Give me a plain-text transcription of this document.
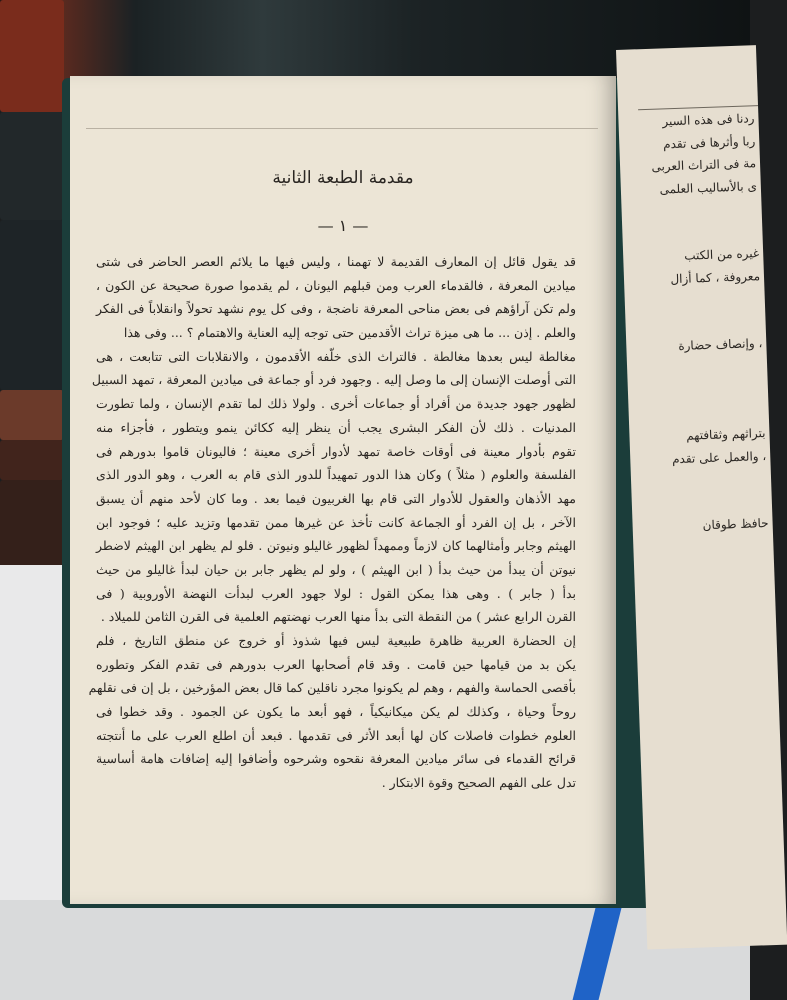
ردنا فى هذه السير
ربا وأثرها فى تقدم
مة فى التراث العربى
ى بالأساليب العلمى
غيره من الكتب
معروفة ، كما أزال
، وإنصاف حضارة
بتراثهم وثقافتهم
، والعمل على تقدم
حافظ طوقان
مقدمة الطبعة الثانية
— ١ —
قد يقول قائل إن المعارف القديمة لا تهمنا ، وليس فيها ما يلائم العصر الحاضر فى شتى
ميادين المعرفة ، فالقدماء العرب ومن قبلهم اليونان ، لم يقدموا صورة صحيحة عن الكون ،
ولم تكن آراؤهم فى بعض مناحى المعرفة ناضجة ، وفى كل يوم نشهد تحولاً وانقلاباً فى الفكر
والعلم . إذن ... ما هى ميزة تراث الأقدمين حتى توجه إليه العناية والاهتمام ؟ ... وفى هذا
مغالطة ليس بعدها مغالطة . فالتراث الذى خلّفه الأقدمون ، والانقلابات التى تتابعت ، هى
التى أوصلت الإنسان إلى ما وصل إليه . وجهود فرد أو جماعة فى ميادين المعرفة ، تمهد السبيل
لظهور جهود جديدة من أفراد أو جماعات أخرى . ولولا ذلك لما تقدم الإنسان ، ولما تطورت
المدنيات . ذلك لأن الفكر البشرى يجب أن ينظر إليه ككائن ينمو ويتطور ، فأجزاء منه
تقوم بأدوار معينة فى أوقات خاصة تمهد لأدوار أخرى معينة ؛ فاليونان قاموا بدورهم فى
الفلسفة والعلوم ( مثلاً ) وكان هذا الدور تمهيداً للدور الذى قام به العرب ، وهو الدور الذى
مهد الأذهان والعقول للأدوار التى قام بها الغربيون فيما بعد . وما كان لأحد منهم أن يسبق
الآخر ، بل إن الفرد أو الجماعة كانت تأخذ عن غيرها ممن تقدمها وتزيد عليه ؛ فوجود ابن
الهيثم وجابر وأمثالهما كان لازماً وممهداً لظهور غاليلو ونيوتن . فلو لم يظهر ابن الهيثم لاضطر
نيوتن أن يبدأ من حيث بدأ ( ابن الهيثم ) ، ولو لم يظهر جابر بن حيان لبدأ غاليلو من حيث
بدأ ( جابر ) . وهى هذا يمكن القول : لولا جهود العرب لبدأت النهضة الأوروبية ( فى
القرن الرابع عشر ) من النقطة التى بدأ منها العرب نهضتهم العلمية فى القرن الثامن للميلاد .
إن الحضارة العربية ظاهرة طبيعية ليس فيها شذوذ أو خروج عن منطق التاريخ ، فلم
يكن بد من قيامها حين قامت . وقد قام أصحابها العرب بدورهم فى تقدم الفكر وتطوره
بأقصى الحماسة والفهم ، وهم لم يكونوا مجرد ناقلين كما قال بعض المؤرخين ، بل إن فى نقلهم
روحاً وحياة ، وكذلك لم يكن ميكانيكياً ، فهو أبعد ما يكون عن الجمود . وقد خطوا فى
العلوم خطوات فاصلات كان لها أبعد الأثر فى تقدمها . فبعد أن اطلع العرب على ما أنتجته
قرائح القدماء فى سائر ميادين المعرفة نقحوه وشرحوه وأضافوا إليه إضافات هامة أساسية
تدل على الفهم الصحيح وقوة الابتكار .
